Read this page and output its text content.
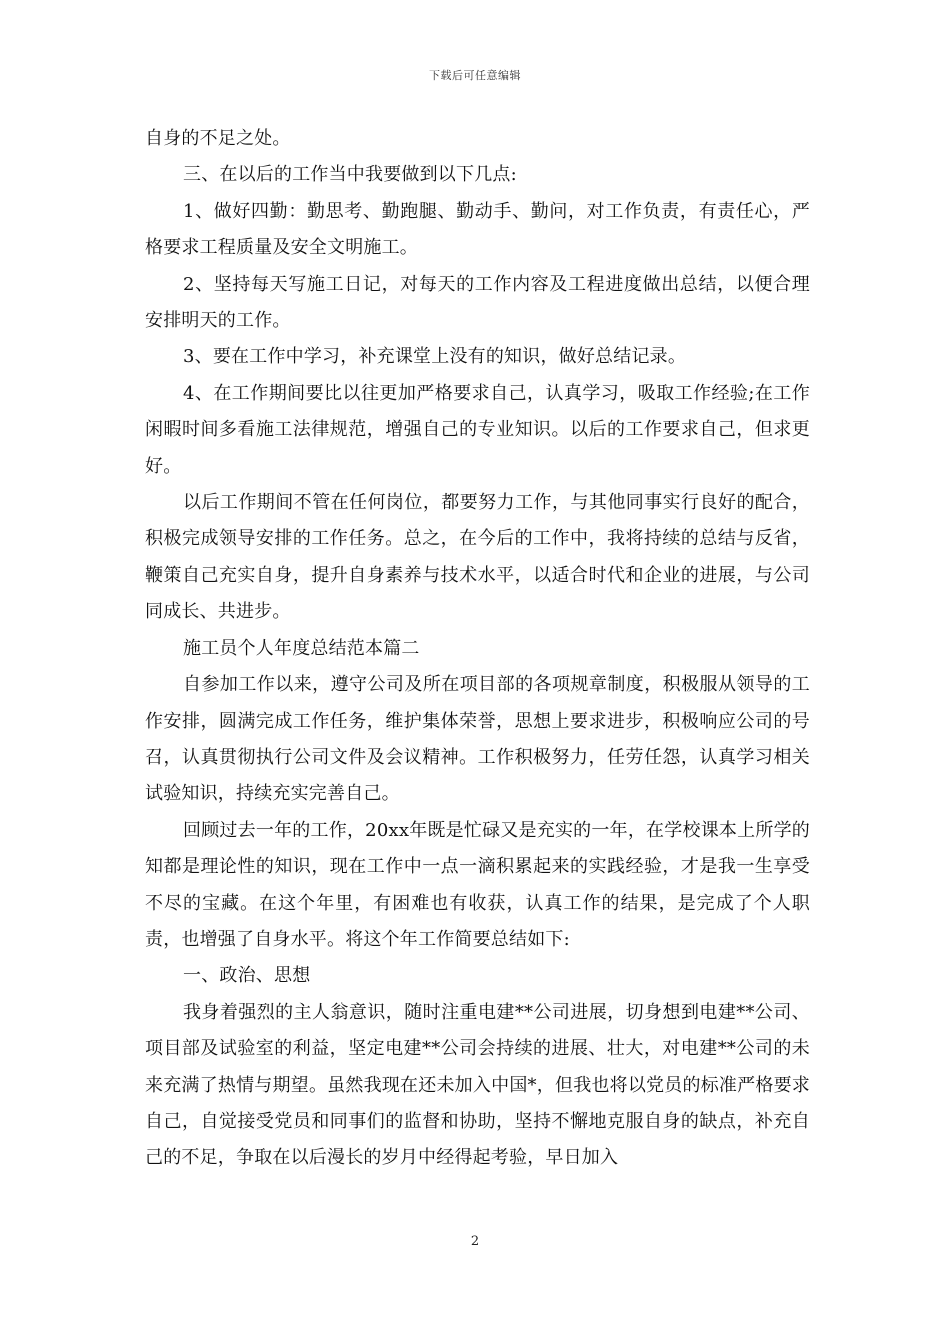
下载后可任意编辑

自身的不足之处。

三、在以后的工作当中我要做到以下几点:

1、做好四勤：勤思考、勤跑腿、勤动手、勤问，对工作负责，有责任心，严格要求工程质量及安全文明施工。

2、坚持每天写施工日记，对每天的工作内容及工程进度做出总结，以便合理安排明天的工作。

3、要在工作中学习，补充课堂上没有的知识，做好总结记录。

4、在工作期间要比以往更加严格要求自己，认真学习，吸取工作经验;在工作闲暇时间多看施工法律规范，增强自己的专业知识。以后的工作要求自己，但求更好。

以后工作期间不管在任何岗位，都要努力工作，与其他同事实行良好的配合，积极完成领导安排的工作任务。总之，在今后的工作中，我将持续的总结与反省，鞭策自己充实自身，提升自身素养与技术水平，以适合时代和企业的进展，与公司同成长、共进步。

施工员个人年度总结范本篇二

自参加工作以来，遵守公司及所在项目部的各项规章制度，积极服从领导的工作安排，圆满完成工作任务，维护集体荣誉，思想上要求进步，积极响应公司的号召，认真贯彻执行公司文件及会议精神。工作积极努力，任劳任怨，认真学习相关试验知识，持续充实完善自己。

回顾过去一年的工作，20xx年既是忙碌又是充实的一年，在学校课本上所学的知都是理论性的知识，现在工作中一点一滴积累起来的实践经验，才是我一生享受不尽的宝藏。在这个年里，有困难也有收获，认真工作的结果，是完成了个人职责，也增强了自身水平。将这个年工作简要总结如下:

一、政治、思想

我身着强烈的主人翁意识，随时注重电建**公司进展，切身想到电建**公司、项目部及试验室的利益，坚定电建**公司会持续的进展、壮大，对电建**公司的未来充满了热情与期望。虽然我现在还未加入中国*，但我也将以党员的标准严格要求自己，自觉接受党员和同事们的监督和协助，坚持不懈地克服自身的缺点，补充自己的不足，争取在以后漫长的岁月中经得起考验，早日加入

2
